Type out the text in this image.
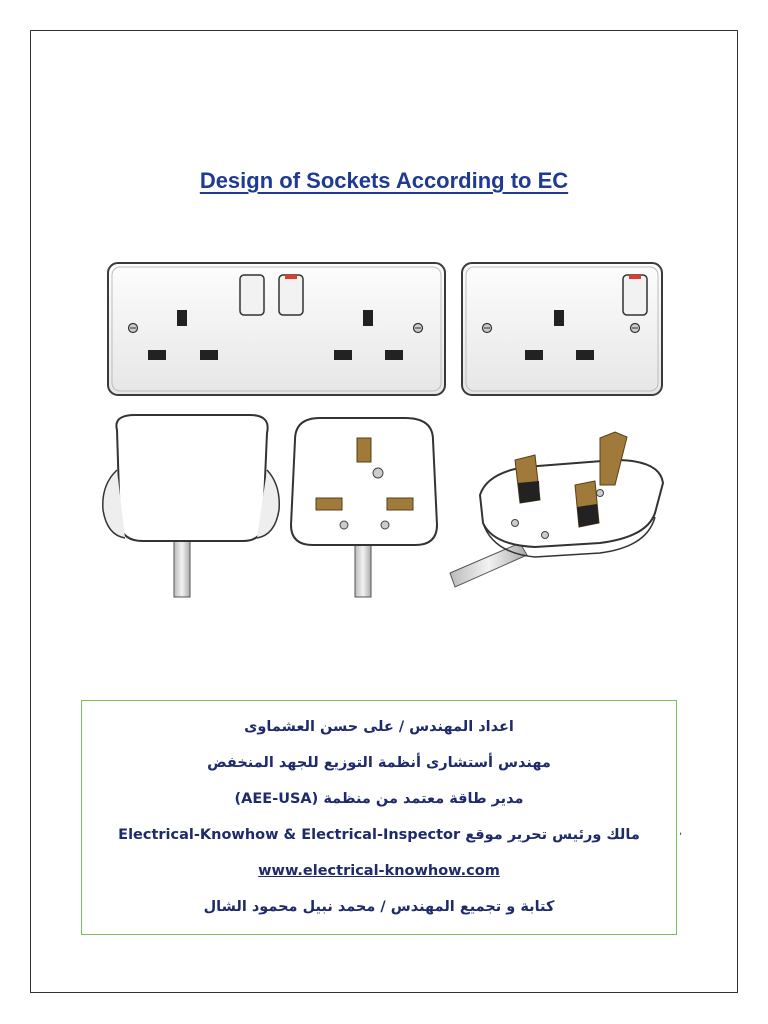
Design of Sockets According to EC
اعداد المهندس / على حسن العشماوى
مهندس أستشارى أنظمة التوزيع للجهد المنخفض
مدير طاقة معتمد من منظمة (AEE-USA)
مالك ورئيس تحرير موقع Electrical-Knowhow & Electrical-Inspector
www.electrical-knowhow.com
كتابة و تجميع المهندس / محمد نبيل محمود الشال
,
